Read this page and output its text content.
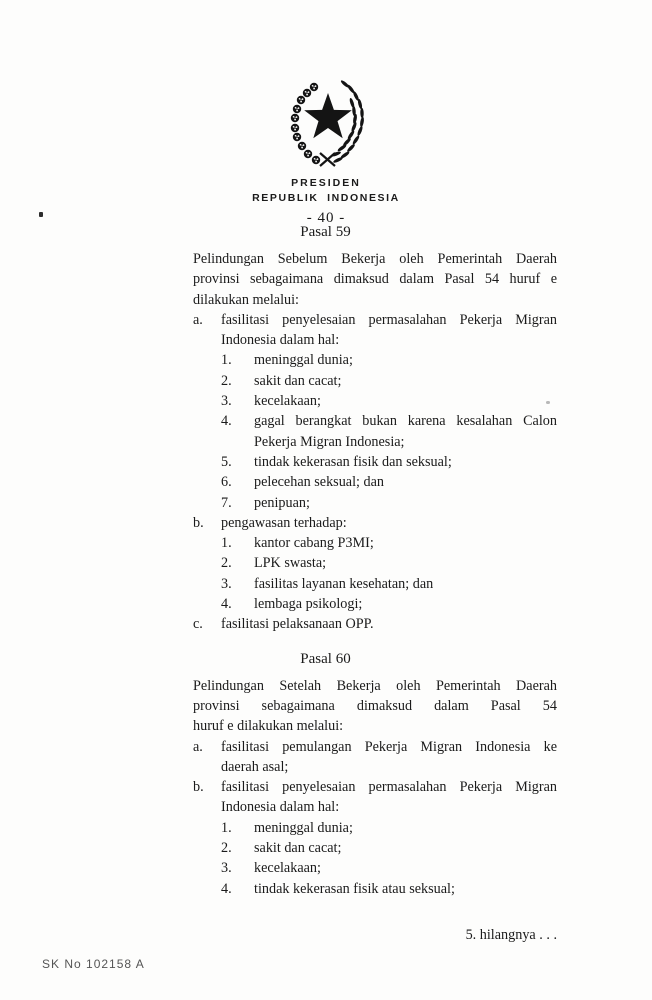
PRESIDEN
REPUBLIK INDONESIA
- 40 -
Pasal 59
Pelindungan Sebelum Bekerja oleh Pemerintah Daerah
provinsi sebagaimana dimaksud dalam Pasal 54 huruf e
dilakukan melalui:
a.	fasilitasi penyelesaian permasalahan Pekerja Migran
Indonesia dalam hal:
1.	meninggal dunia;
2.	sakit dan cacat;
3.	kecelakaan;
4.	gagal berangkat bukan karena kesalahan Calon
Pekerja Migran Indonesia;
5.	tindak kekerasan fisik dan seksual;
6.	pelecehan seksual; dan
7.	penipuan;
b.	pengawasan terhadap:
1.	kantor cabang P3MI;
2.	LPK swasta;
3.	fasilitas layanan kesehatan; dan
4.	lembaga psikologi;
c.	fasilitasi pelaksanaan OPP.
Pasal 60
Pelindungan Setelah Bekerja oleh Pemerintah Daerah
provinsi sebagaimana dimaksud dalam Pasal 54
huruf e dilakukan melalui:
a.	fasilitasi pemulangan Pekerja Migran Indonesia ke
daerah asal;
b.	fasilitasi penyelesaian permasalahan Pekerja Migran
Indonesia dalam hal:
1.	meninggal dunia;
2.	sakit dan cacat;
3.	kecelakaan;
4.	tindak kekerasan fisik atau seksual;
5. hilangnya . . .
SK No 102158 A
